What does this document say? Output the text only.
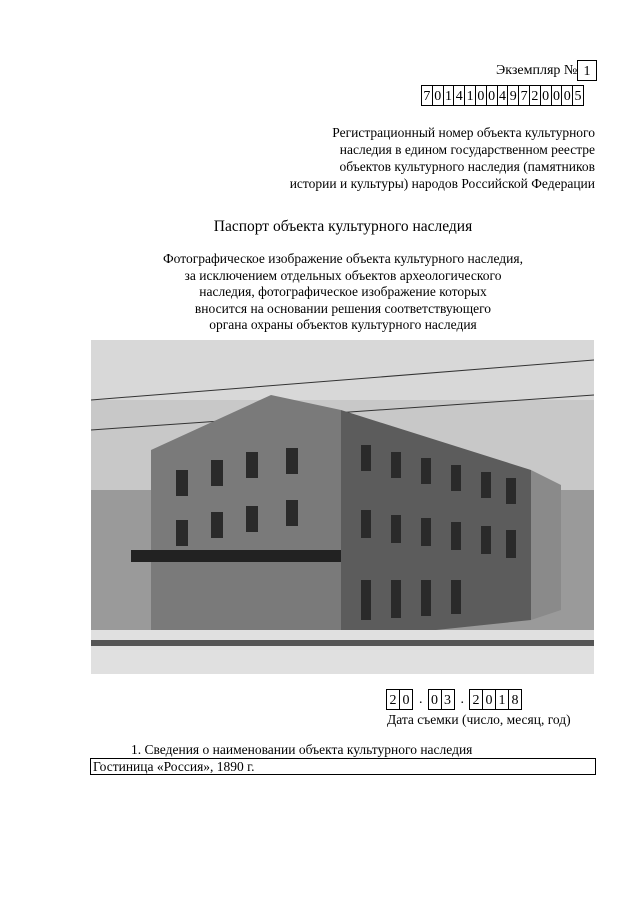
Экземпляр № 1
7 0 1 4 1 0 0 4 9 7 2 0 0 0 5
Регистрационный номер объекта культурного
наследия в едином государственном реестре
объектов культурного наследия (памятников
истории и культуры) народов Российской Федерации
Паспорт объекта культурного наследия
Фотографическое изображение объекта культурного наследия,
за исключением отдельных объектов археологического
наследия, фотографическое изображение которых
вносится на основании решения соответствующего
органа охраны объектов культурного наследия
2 0 . 0 3 . 2 0 1 8
Дата съемки (число, месяц, год)
1. Сведения о наименовании объекта культурного наследия
Гостиница «Россия», 1890 г.
